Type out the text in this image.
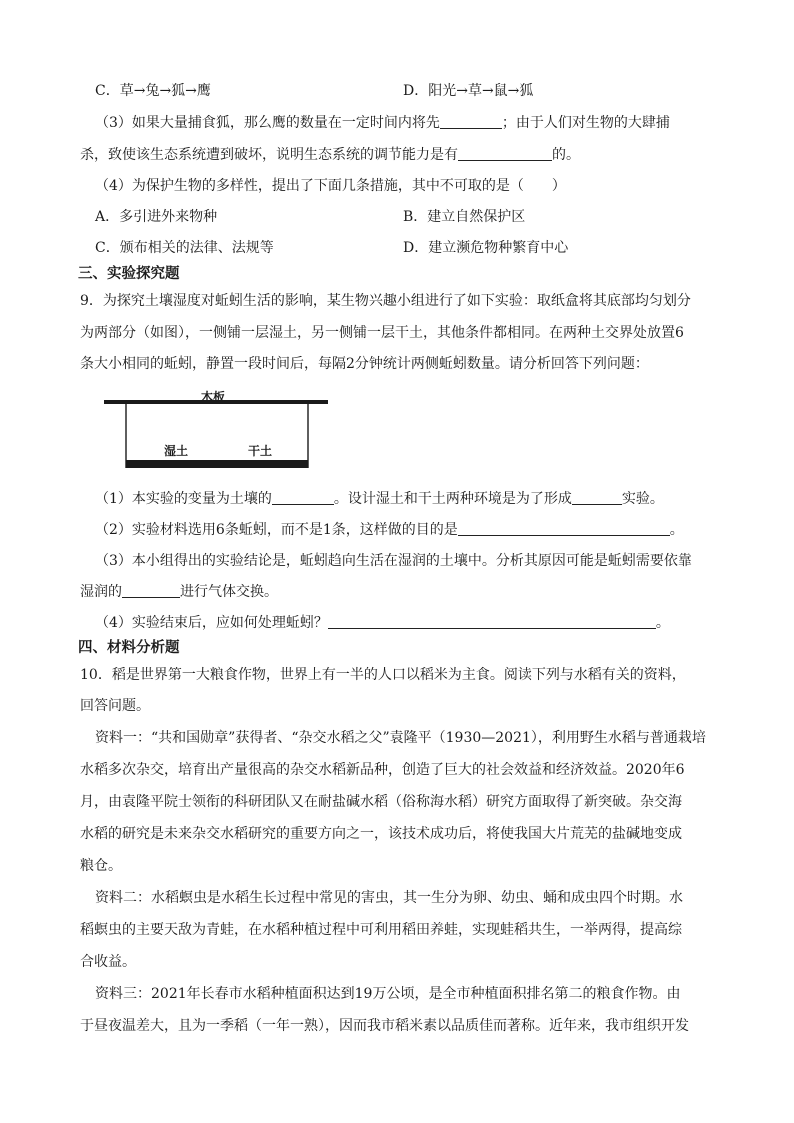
C．草→兔→狐→鹰	D．阳光→草→鼠→狐
（3）如果大量捕食狐，那么鹰的数量在一定时间内将先	；由于人们对生物的大肆捕
杀，致使该生态系统遭到破坏，说明生态系统的调节能力是有	的。
（4）为保护生物的多样性，提出了下面几条措施，其中不可取的是（　　）
A．多引进外来物种	B．建立自然保护区
C．颁布相关的法律、法规等	D．建立濒危物种繁育中心
三、实验探究题
9．为探究土壤湿度对蚯蚓生活的影响，某生物兴趣小组进行了如下实验：取纸盒将其底部均匀划分
为两部分（如图），一侧铺一层湿土，另一侧铺一层干土，其他条件都相同。在两种土交界处放置6
条大小相同的蚯蚓，静置一段时间后，每隔2分钟统计两侧蚯蚓数量。请分析回答下列问题：
木板
湿土	干土
（1）本实验的变量为土壤的	。设计湿土和干土两种环境是为了形成	实验。
（2）实验材料选用6条蚯蚓，而不是1条，这样做的目的是	。
（3）本小组得出的实验结论是，蚯蚓趋向生活在湿润的土壤中。分析其原因可能是蚯蚓需要依靠
湿润的	进行气体交换。
（4）实验结束后，应如何处理蚯蚓？	。
四、材料分析题
10．稻是世界第一大粮食作物，世界上有一半的人口以稻米为主食。阅读下列与水稻有关的资料，
回答问题。
资料一：“共和国勋章”获得者、“杂交水稻之父”袁隆平（1930—2021），利用野生水稻与普通栽培
水稻多次杂交，培育出产量很高的杂交水稻新品种，创造了巨大的社会效益和经济效益。2020年6
月，由袁隆平院士领衔的科研团队又在耐盐碱水稻（俗称海水稻）研究方面取得了新突破。杂交海
水稻的研究是未来杂交水稻研究的重要方向之一，该技术成功后，将使我国大片荒芜的盐碱地变成
粮仓。
资料二：水稻螟虫是水稻生长过程中常见的害虫，其一生分为卵、幼虫、蛹和成虫四个时期。水
稻螟虫的主要天敌为青蛙，在水稻种植过程中可利用稻田养蛙，实现蛙稻共生，一举两得，提高综
合收益。
资料三：2021年长春市水稻种植面积达到19万公顷，是全市种植面积排名第二的粮食作物。由
于昼夜温差大，且为一季稻（一年一熟），因而我市稻米素以品质佳而著称。近年来，我市组织开发
